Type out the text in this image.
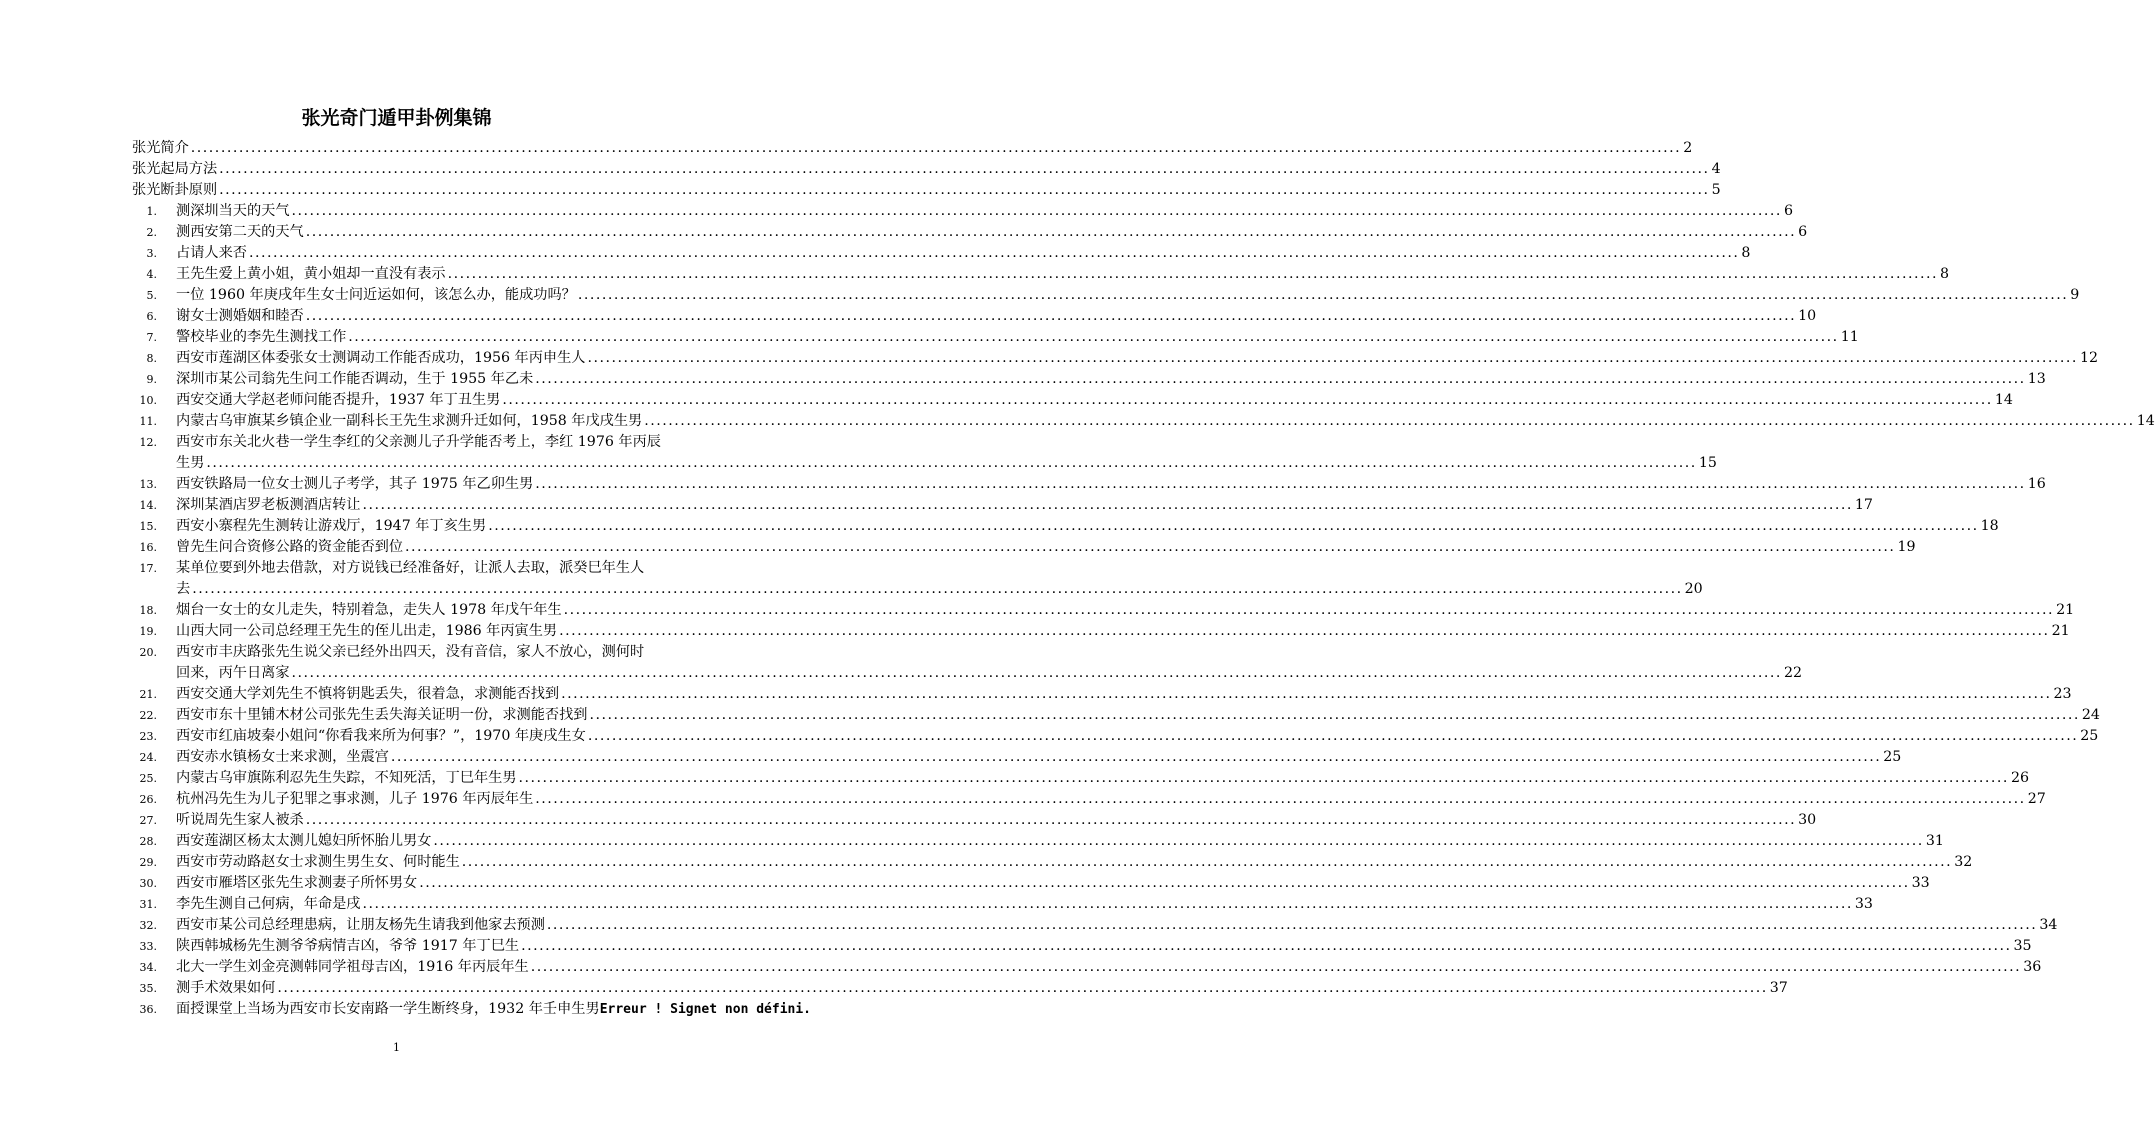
张光奇门遁甲卦例集锦
张光简介 ........................................................................................................................................................................................................................................................ 2
张光起局方法 ........................................................................................................................................................................................................................................................ 4
张光断卦原则 ........................................................................................................................................................................................................................................................ 5
1. 测深圳当天的天气 ........................................................................................................................................................................................................................................................ 6
2. 测西安第二天的天气 ........................................................................................................................................................................................................................................................ 6
3. 占请人来否 ........................................................................................................................................................................................................................................................ 8
4. 王先生爱上黄小姐，黄小姐却一直没有表示 ........................................................................................................................................................................................................................................................ 8
5. 一位 1960 年庚戌年生女士问近运如何，该怎么办，能成功吗？ ........................................................................................................................................................................................................................................................ 9
6. 谢女士测婚姻和睦否 ........................................................................................................................................................................................................................................................ 10
7. 警校毕业的李先生测找工作 ........................................................................................................................................................................................................................................................ 11
8. 西安市莲湖区体委张女士测调动工作能否成功，1956 年丙申生人 ........................................................................................................................................................................................................................................................ 12
9. 深圳市某公司翁先生问工作能否调动，生于 1955 年乙未 ........................................................................................................................................................................................................................................................ 13
10. 西安交通大学赵老师问能否提升，1937 年丁丑生男 ........................................................................................................................................................................................................................................................ 14
11. 内蒙古乌审旗某乡镇企业一副科长王先生求测升迁如何，1958 年戊戌生男 ........................................................................................................................................................................................................................................................ 14
12. 西安市东关北火巷一学生李红的父亲测儿子升学能否考上，李红 1976 年丙辰
生男 ........................................................................................................................................................................................................................................................ 15
13. 西安铁路局一位女士测儿子考学，其子 1975 年乙卯生男 ........................................................................................................................................................................................................................................................ 16
14. 深圳某酒店罗老板测酒店转让 ........................................................................................................................................................................................................................................................ 17
15. 西安小寨程先生测转让游戏厅，1947 年丁亥生男 ........................................................................................................................................................................................................................................................ 18
16. 曾先生问合资修公路的资金能否到位 ........................................................................................................................................................................................................................................................ 19
17. 某单位要到外地去借款，对方说钱已经准备好，让派人去取，派癸巳年生人
去 ........................................................................................................................................................................................................................................................ 20
18. 烟台一女士的女儿走失，特别着急，走失人 1978 年戊午年生 ........................................................................................................................................................................................................................................................ 21
19. 山西大同一公司总经理王先生的侄儿出走，1986 年丙寅生男 ........................................................................................................................................................................................................................................................ 21
20. 西安市丰庆路张先生说父亲已经外出四天，没有音信，家人不放心，测何时
回来，丙午日离家 ........................................................................................................................................................................................................................................................ 22
21. 西安交通大学刘先生不慎将钥匙丢失，很着急，求测能否找到 ........................................................................................................................................................................................................................................................ 23
22. 西安市东十里铺木材公司张先生丢失海关证明一份，求测能否找到 ........................................................................................................................................................................................................................................................ 24
23. 西安市红庙坡秦小姐问“你看我来所为何事？”，1970 年庚戌生女 ........................................................................................................................................................................................................................................................ 25
24. 西安赤水镇杨女士来求测，坐震宫 ........................................................................................................................................................................................................................................................ 25
25. 内蒙古乌审旗陈利忍先生失踪，不知死活，丁巳年生男 ........................................................................................................................................................................................................................................................ 26
26. 杭州冯先生为儿子犯罪之事求测，儿子 1976 年丙辰年生 ........................................................................................................................................................................................................................................................ 27
27. 听说周先生家人被杀 ........................................................................................................................................................................................................................................................ 30
28. 西安莲湖区杨太太测儿媳妇所怀胎儿男女 ........................................................................................................................................................................................................................................................ 31
29. 西安市劳动路赵女士求测生男生女、何时能生 ........................................................................................................................................................................................................................................................ 32
30. 西安市雁塔区张先生求测妻子所怀男女 ........................................................................................................................................................................................................................................................ 33
31. 李先生测自己何病，年命是戌 ........................................................................................................................................................................................................................................................ 33
32. 西安市某公司总经理患病，让朋友杨先生请我到他家去预测 ........................................................................................................................................................................................................................................................ 34
33. 陕西韩城杨先生测爷爷病情吉凶，爷爷 1917 年丁巳生 ........................................................................................................................................................................................................................................................ 35
34. 北大一学生刘金亮测韩同学祖母吉凶，1916 年丙辰年生 ........................................................................................................................................................................................................................................................ 36
35. 测手术效果如何 ........................................................................................................................................................................................................................................................ 37
36. 面授课堂上当场为西安市长安南路一学生断终身，1932 年壬申生男Erreur ! Signet non défini.
1
